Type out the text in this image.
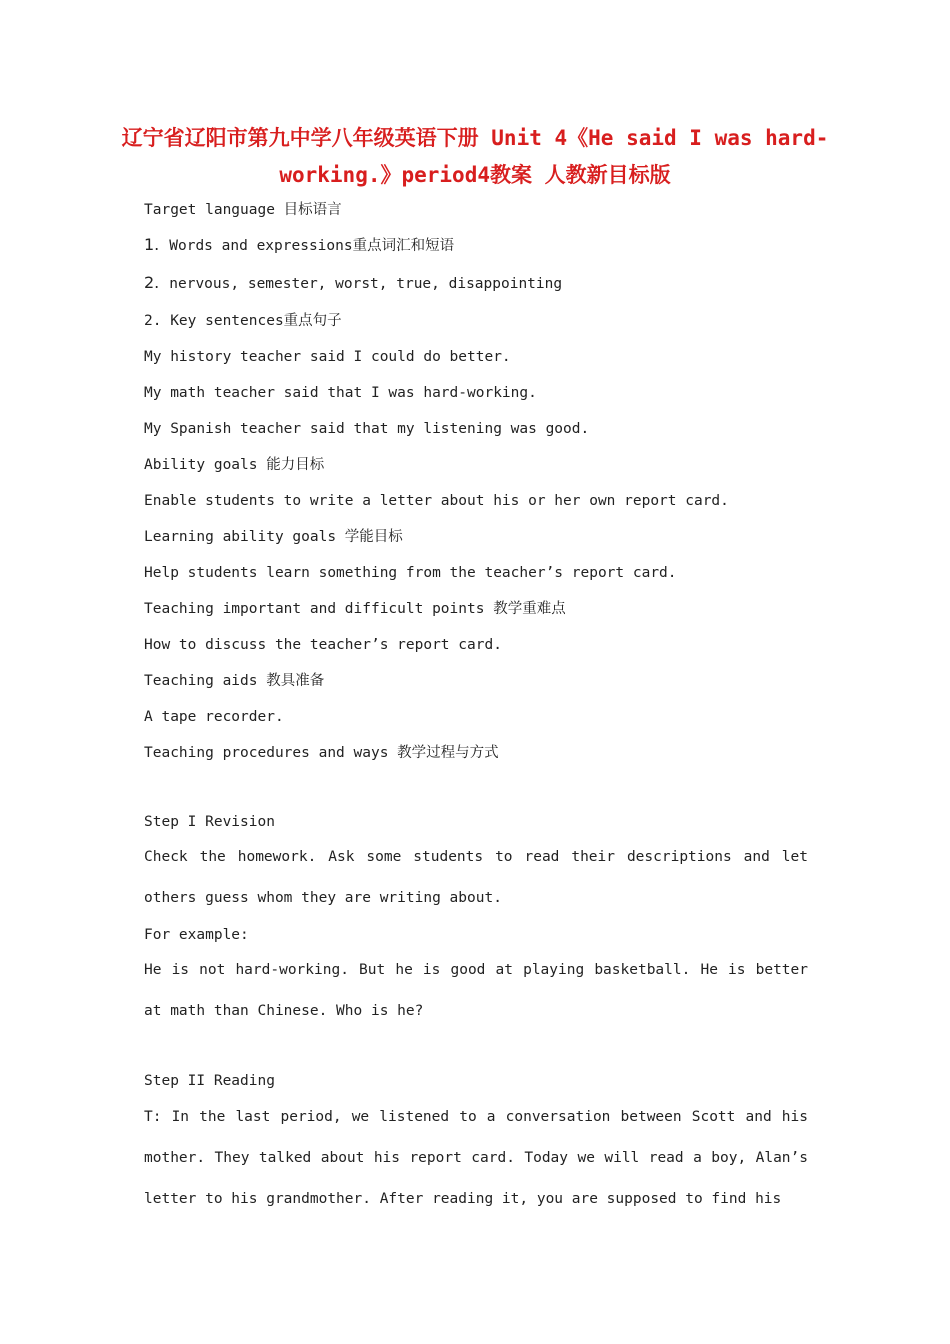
辽宁省辽阳市第九中学八年级英语下册 Unit 4《He said I was hard-working.》period4教案 人教新目标版
Target language 目标语言
1. Words and expressions重点词汇和短语
2. nervous, semester, worst, true, disappointing
2. Key sentences重点句子
My history teacher said I could do better.
My math teacher said that I was hard-working.
My Spanish teacher said that my listening was good.
Ability goals 能力目标
Enable students to write a letter about his or her own report card.
Learning ability goals 学能目标
Help students learn something from the teacher’s report card.
Teaching important and difficult points 教学重难点
How to discuss the teacher’s report card.
Teaching aids 教具准备
A tape recorder.
Teaching procedures and ways 教学过程与方式
Step I Revision
Check the homework. Ask some students to read their descriptions and let others guess whom they are writing about.
For example:
He is not hard-working. But he is good at playing basketball. He is better at math than Chinese. Who is he?
Step II Reading
T: In the last period, we listened to a conversation between Scott and his mother. They talked about his report card. Today we will read a boy, Alan’s letter to his grandmother. After reading it, you are supposed to find his
